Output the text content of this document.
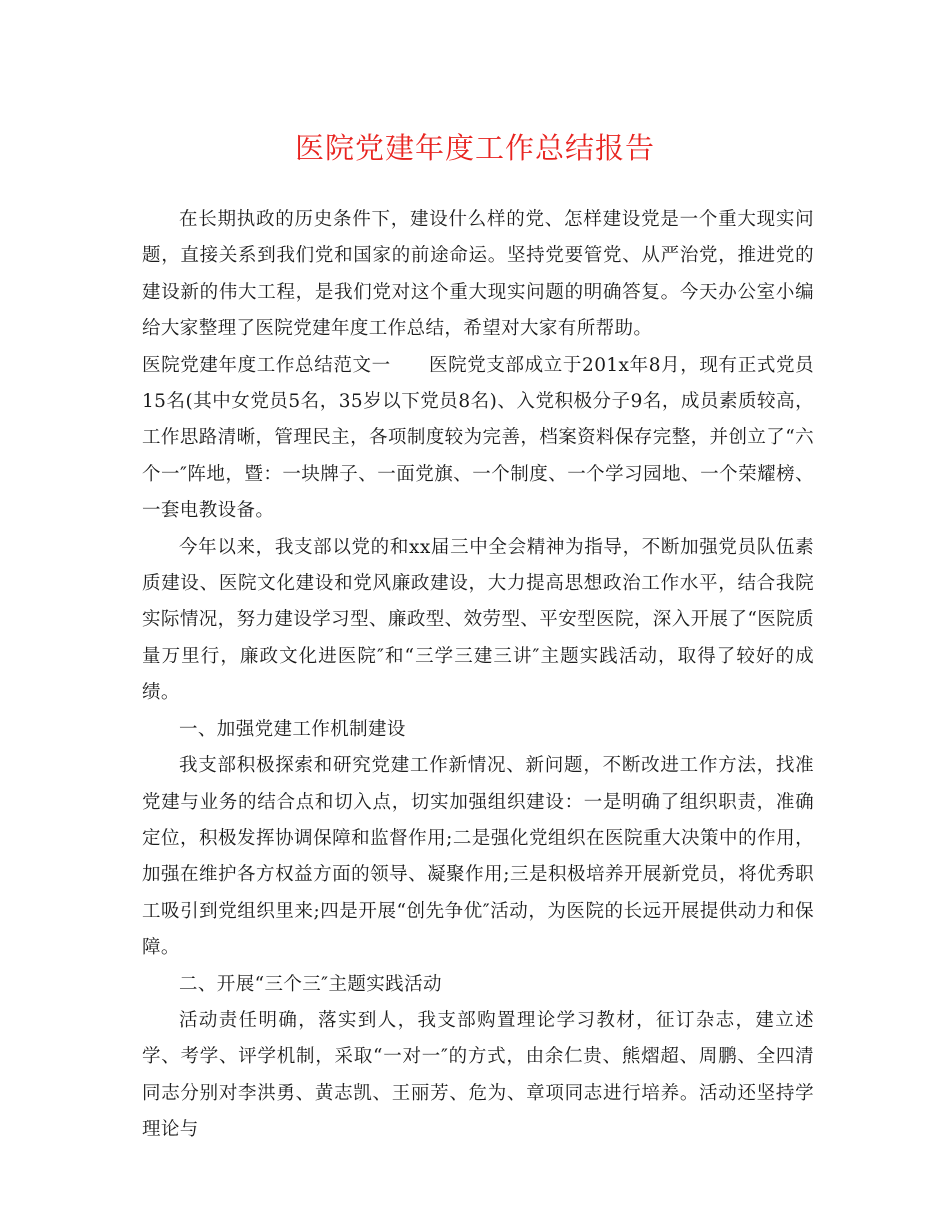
医院党建年度工作总结报告

在长期执政的历史条件下，建设什么样的党、怎样建设党是一个重大现实问题，直接关系到我们党和国家的前途命运。坚持党要管党、从严治党，推进党的建设新的伟大工程，是我们党对这个重大现实问题的明确答复。今天办公室小编给大家整理了医院党建年度工作总结，希望对大家有所帮助。

医院党建年度工作总结范文一　　医院党支部成立于201x年8月，现有正式党员15名(其中女党员5名，35岁以下党员8名)、入党积极分子9名，成员素质较高，工作思路清晰，管理民主，各项制度较为完善，档案资料保存完整，并创立了“六个一″阵地，暨：一块牌子、一面党旗、一个制度、一个学习园地、一个荣耀榜、一套电教设备。

今年以来，我支部以党的和xx届三中全会精神为指导，不断加强党员队伍素质建设、医院文化建设和党风廉政建设，大力提高思想政治工作水平，结合我院实际情况，努力建设学习型、廉政型、效劳型、平安型医院，深入开展了“医院质量万里行，廉政文化进医院″和“三学三建三讲″主题实践活动，取得了较好的成绩。

一、加强党建工作机制建设

我支部积极探索和研究党建工作新情况、新问题，不断改进工作方法，找准党建与业务的结合点和切入点，切实加强组织建设：一是明确了组织职责，准确定位，积极发挥协调保障和监督作用;二是强化党组织在医院重大决策中的作用，加强在维护各方权益方面的领导、凝聚作用;三是积极培养开展新党员，将优秀职工吸引到党组织里来;四是开展“创先争优″活动，为医院的长远开展提供动力和保障。

二、开展“三个三″主题实践活动

活动责任明确，落实到人，我支部购置理论学习教材，征订杂志，建立述学、考学、评学机制，采取“一对一″的方式，由余仁贵、熊熠超、周鹏、全四清同志分别对李洪勇、黄志凯、王丽芳、危为、章项同志进行培养。活动还坚持学理论与
